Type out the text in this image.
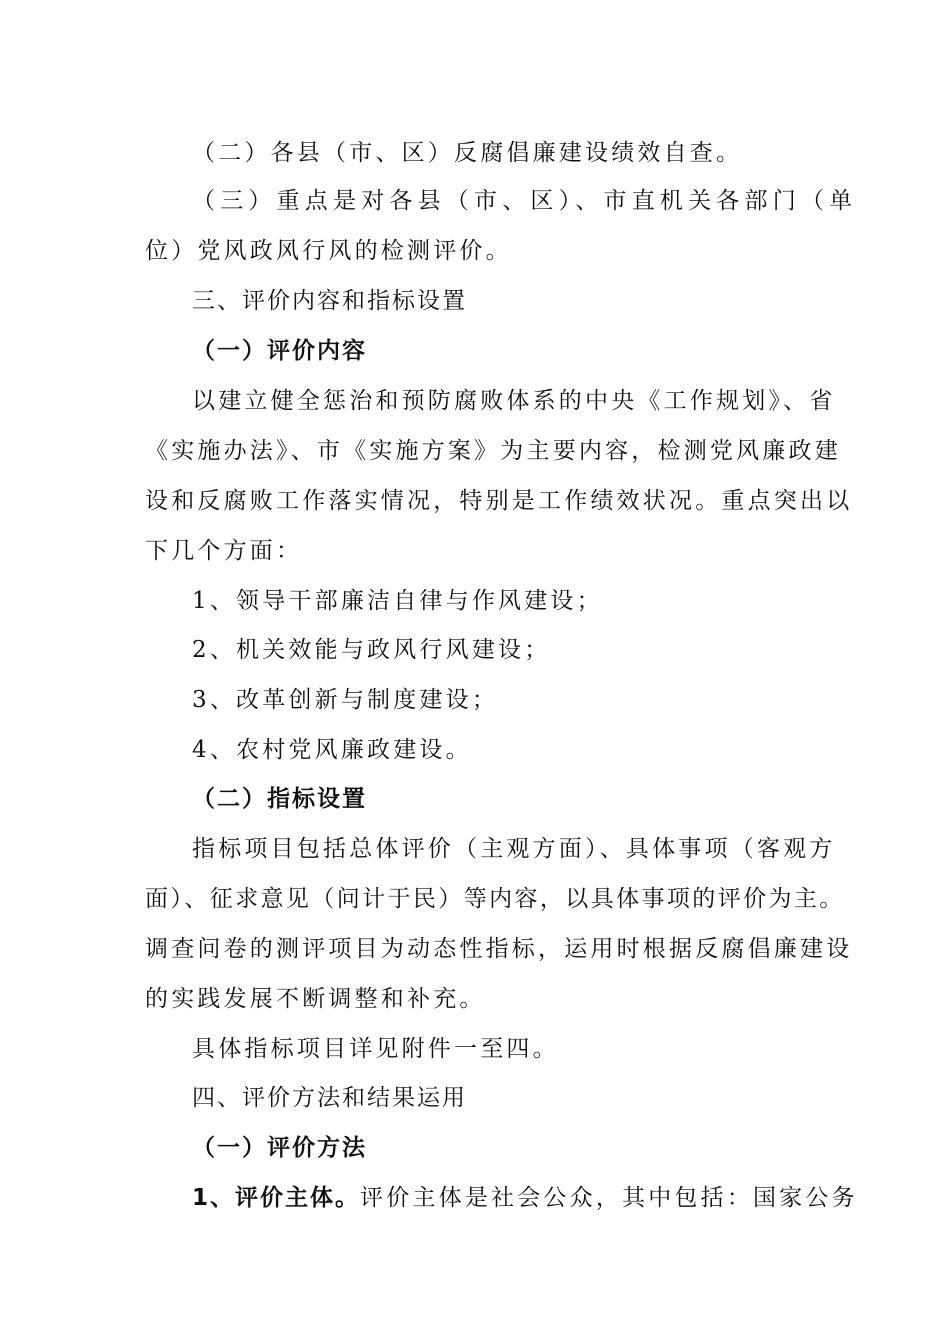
（二）各县（市、区）反腐倡廉建设绩效自查。
（三）重点是对各县（市、区）、市直机关各部门（单
位）党风政风行风的检测评价。
三、评价内容和指标设置
（一）评价内容
以建立健全惩治和预防腐败体系的中央《工作规划》、省
《实施办法》、市《实施方案》为主要内容，检测党风廉政建
设和反腐败工作落实情况，特别是工作绩效状况。重点突出以
下几个方面：
1、领导干部廉洁自律与作风建设；
2、机关效能与政风行风建设；
3、改革创新与制度建设；
4、农村党风廉政建设。
（二）指标设置
指标项目包括总体评价（主观方面）、具体事项（客观方
面）、征求意见（问计于民）等内容，以具体事项的评价为主。
调查问卷的测评项目为动态性指标，运用时根据反腐倡廉建设
的实践发展不断调整和补充。
具体指标项目详见附件一至四。
四、评价方法和结果运用
（一）评价方法
1、评价主体。评价主体是社会公众，其中包括：国家公务
